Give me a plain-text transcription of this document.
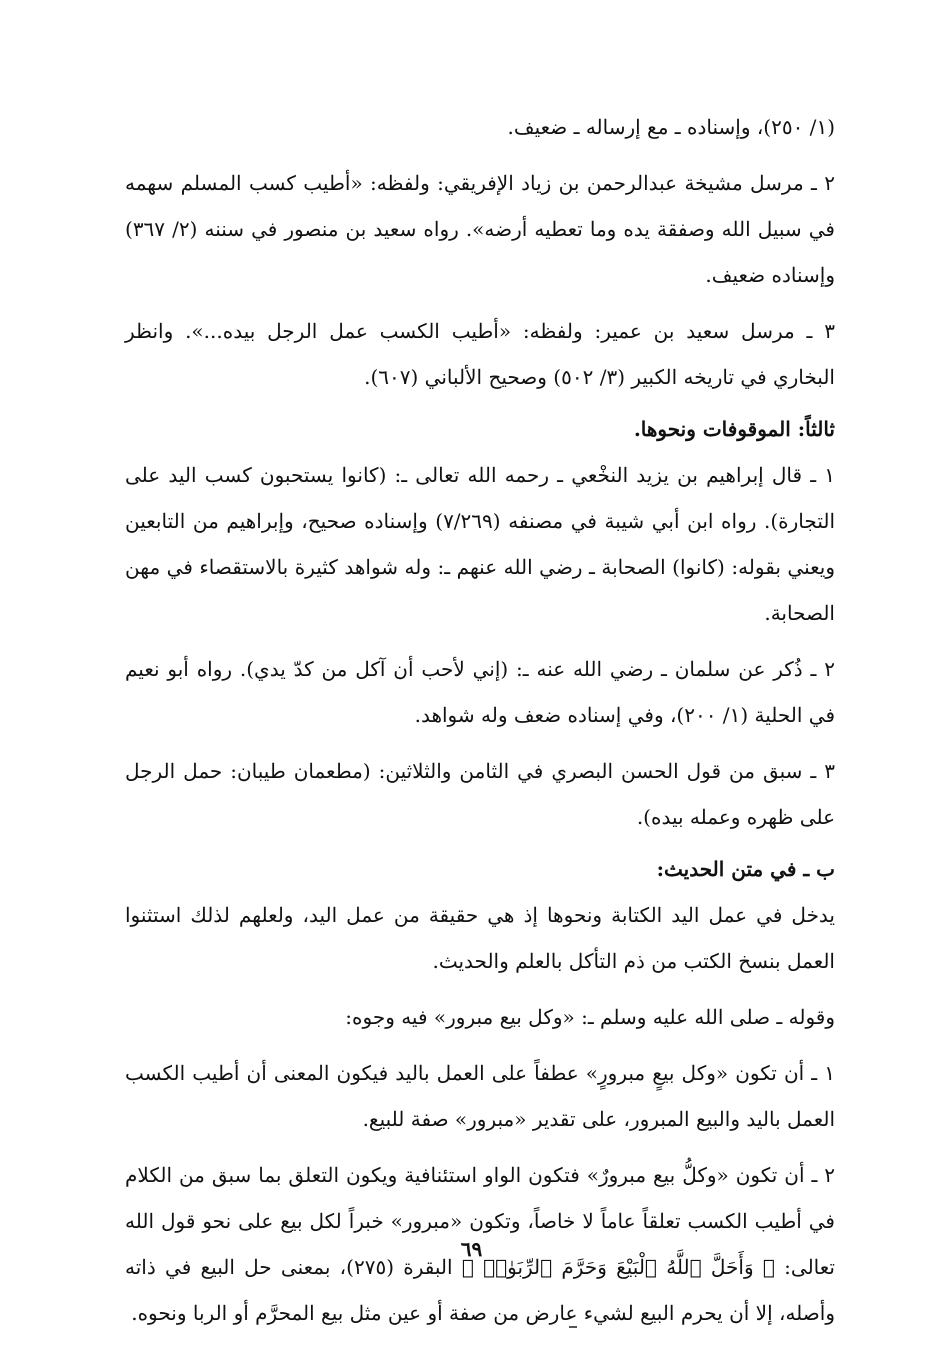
(١/ ٢٥٠)، وإسناده ـ مع إرساله ـ ضعيف.

٢ ـ مرسل مشيخة عبدالرحمن بن زياد الإفريقي: ولفظه: «أطيب كسب المسلم سهمه في سبيل الله وصفقة يده وما تعطيه أرضه». رواه سعيد بن منصور في سننه (٢/ ٣٦٧) وإسناده ضعيف.

٣ ـ مرسل سعيد بن عمير: ولفظه: «أطيب الكسب عمل الرجل بيده...». وانظر البخاري في تاريخه الكبير (٣/ ٥٠٢) وصحيح الألباني (٦٠٧).

ثالثاً: الموقوفات ونحوها.

١ ـ قال إبراهيم بن يزيد النخْعي ـ رحمه الله تعالى ـ: (كانوا يستحبون كسب اليد على التجارة). رواه ابن أبي شيبة في مصنفه (٧/٢٦٩) وإسناده صحيح، وإبراهيم من التابعين ويعني بقوله: (كانوا) الصحابة ـ رضي الله عنهم ـ: وله شواهد كثيرة بالاستقصاء في مهن الصحابة.

٢ ـ ذُكر عن سلمان ـ رضي الله عنه ـ: (إني لأحب أن آكل من كدّ يدي). رواه أبو نعيم في الحلية (١/ ٢٠٠)، وفي إسناده ضعف وله شواهد.

٣ ـ سبق من قول الحسن البصري في الثامن والثلاثين: (مطعمان طيبان: حمل الرجل على ظهره وعمله بيده).

ب ـ في متن الحديث:

يدخل في عمل اليد الكتابة ونحوها إذ هي حقيقة من عمل اليد، ولعلهم لذلك استثنوا العمل بنسخ الكتب من ذم التأكل بالعلم والحديث.

وقوله ـ صلى الله عليه وسلم ـ: «وكل بيع مبرور» فيه وجوه:

١ ـ أن تكون «وكل بيعٍ مبرورٍ» عطفاً على العمل باليد فيكون المعنى أن أطيب الكسب العمل باليد والبيع المبرور، على تقدير «مبرور» صفة للبيع.

٢ ـ أن تكون «وكلُّ بيع مبرورٌ» فتكون الواو استئنافية ويكون التعلق بما سبق من الكلام في أطيب الكسب تعلقاً عاماً لا خاصاً، وتكون «مبرور» خبراً لكل بيع على نحو قول الله تعالى: ﴿ وَأَحَلَّ ٱللَّهُ ٱلْبَيْعَ وَحَرَّمَ ٱلرِّبَوٰا۟ ﴾ البقرة (٢٧٥)، بمعنى حل البيع في ذاته وأصله، إلا أن يحرم البيع لشيء عارض من صفة أو عين مثل بيع المحرَّم أو الربا ونحوه.

٦٩
